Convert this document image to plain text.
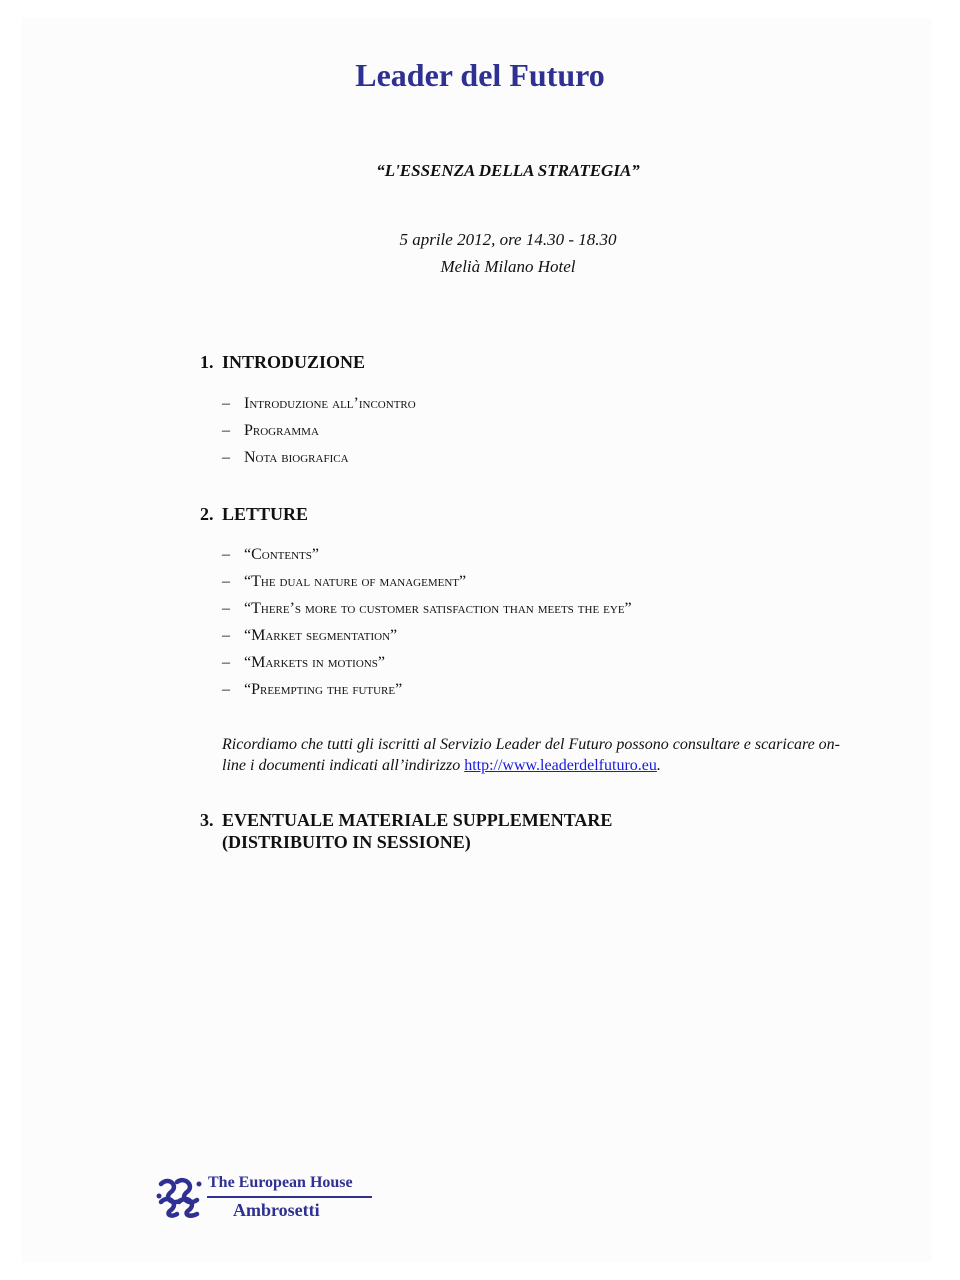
Leader del Futuro
“L'ESSENZA DELLA STRATEGIA”
5 aprile 2012, ore 14.30 - 18.30
Melià Milano Hotel
1. INTRODUZIONE
– Introduzione all’incontro
– Programma
– Nota biografica
2. LETTURE
– “Contents”
– “The dual nature of management”
– “There’s more to customer satisfaction than meets the eye”
– “Market segmentation”
– “Markets in motions”
– “Preempting the future”
Ricordiamo che tutti gli iscritti al Servizio Leader del Futuro possono consultare e scaricare on-line i documenti indicati all’indirizzo http://www.leaderdelfuturo.eu.
3. EVENTUALE MATERIALE SUPPLEMENTARE
(DISTRIBUITO IN SESSIONE)
The European House
Ambrosetti
